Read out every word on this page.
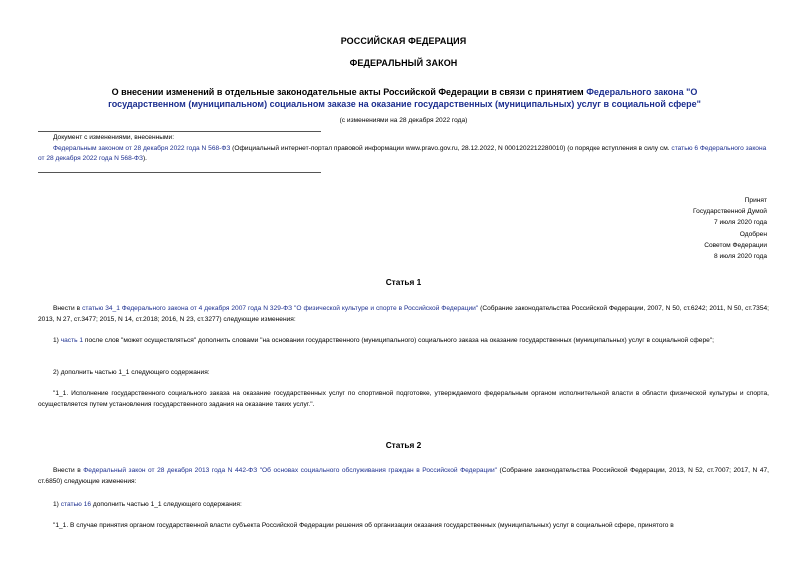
РОССИЙСКАЯ ФЕДЕРАЦИЯ
ФЕДЕРАЛЬНЫЙ ЗАКОН
О внесении изменений в отдельные законодательные акты Российской Федерации в связи с принятием Федерального закона "О государственном (муниципальном) социальном заказе на оказание государственных (муниципальных) услуг в социальной сфере"
(с изменениями на 28 декабря 2022 года)
Документ с изменениями, внесенными:
Федеральным законом от 28 декабря 2022 года N 568-ФЗ (Официальный интернет-портал правовой информации www.pravo.gov.ru, 28.12.2022, N 0001202212280010) (о порядке вступления в силу см. статью 6 Федерального закона от 28 декабря 2022 года N 568-ФЗ).
Принят
Государственной Думой
7 июля 2020 года
Одобрен
Советом Федерации
8 июля 2020 года
Статья 1
Внести в статью 34_1 Федерального закона от 4 декабря 2007 года N 329-ФЗ "О физической культуре и спорте в Российской Федерации" (Собрание законодательства Российской Федерации, 2007, N 50, ст.6242; 2011, N 50, ст.7354; 2013, N 27, ст.3477; 2015, N 14, ст.2018; 2016, N 23, ст.3277) следующие изменения:
1) часть 1 после слов "может осуществляться" дополнить словами "на основании государственного (муниципального) социального заказа на оказание государственных (муниципальных) услуг в социальной сфере";
2) дополнить частью 1_1 следующего содержания:
"1_1. Исполнение государственного социального заказа на оказание государственных услуг по спортивной подготовке, утверждаемого федеральным органом исполнительной власти в области физической культуры и спорта, осуществляется путем установления государственного задания на оказание таких услуг.".
Статья 2
Внести в Федеральный закон от 28 декабря 2013 года N 442-ФЗ "Об основах социального обслуживания граждан в Российской Федерации" (Собрание законодательства Российской Федерации, 2013, N 52, ст.7007; 2017, N 47, ст.6850) следующие изменения:
1) статью 16 дополнить частью 1_1 следующего содержания:
"1_1. В случае принятия органом государственной власти субъекта Российской Федерации решения об организации оказания государственных (муниципальных) услуг в социальной сфере, принятого в
